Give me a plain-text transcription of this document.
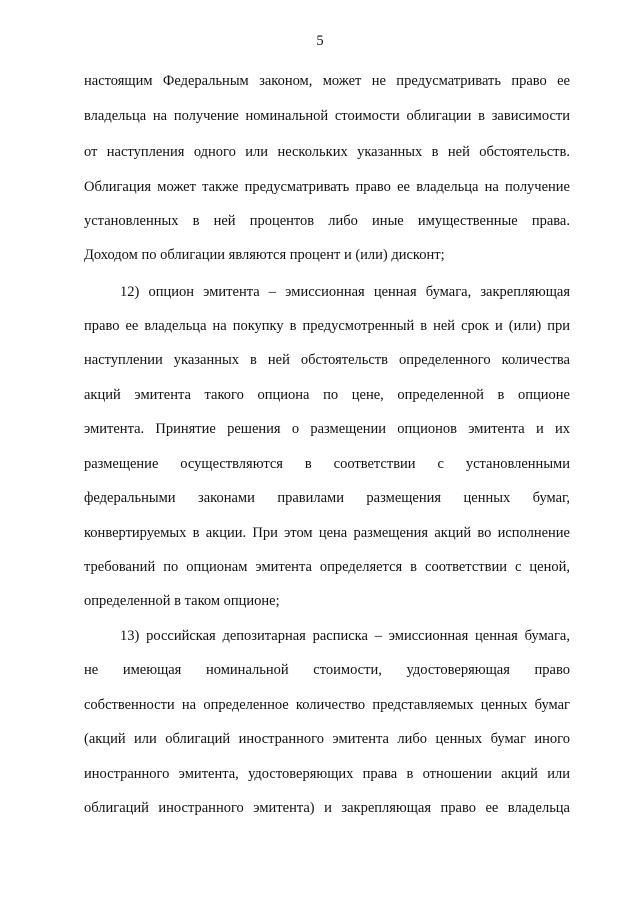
5
настоящим Федеральным законом, может не предусматривать право ее
владельца на получение номинальной стоимости облигации в зависимости
от наступления одного или нескольких указанных в ней обстоятельств.
Облигация может также предусматривать право ее владельца на получение
установленных в ней процентов либо иные имущественные права.
Доходом по облигации являются процент и (или) дисконт;
12) опцион эмитента – эмиссионная ценная бумага, закрепляющая
право ее владельца на покупку в предусмотренный в ней срок и (или) при
наступлении указанных в ней обстоятельств определенного количества
акций эмитента такого опциона по цене, определенной в опционе
эмитента. Принятие решения о размещении опционов эмитента и их
размещение осуществляются в соответствии с установленными
федеральными законами правилами размещения ценных бумаг,
конвертируемых в акции. При этом цена размещения акций во исполнение
требований по опционам эмитента определяется в соответствии с ценой,
определенной в таком опционе;
13) российская депозитарная расписка – эмиссионная ценная бумага,
не имеющая номинальной стоимости, удостоверяющая право
собственности на определенное количество представляемых ценных бумаг
(акций или облигаций иностранного эмитента либо ценных бумаг иного
иностранного эмитента, удостоверяющих права в отношении акций или
облигаций иностранного эмитента) и закрепляющая право ее владельца
